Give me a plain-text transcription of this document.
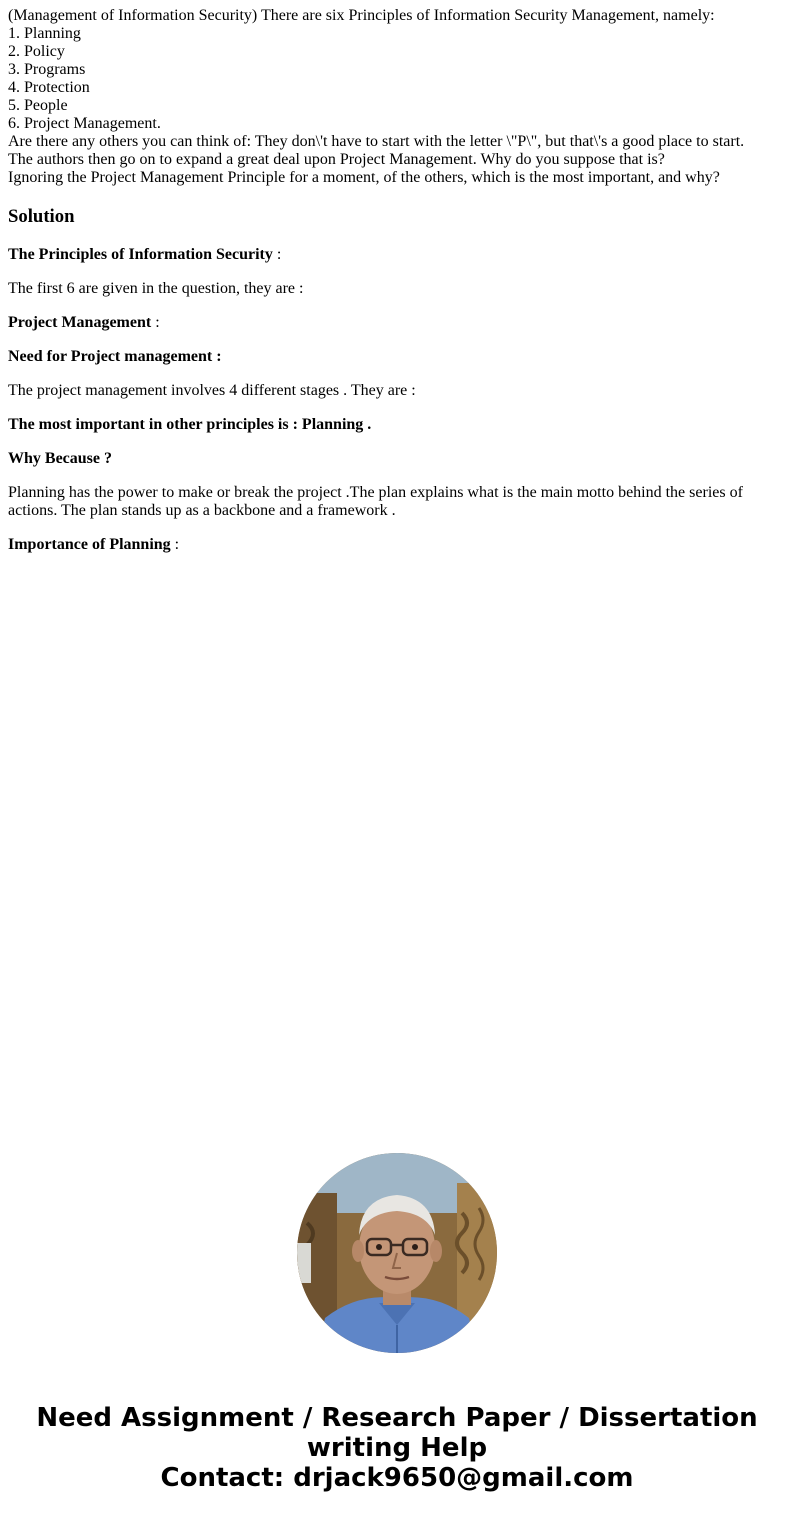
(Management of Information Security) There are six Principles of Information Security Management, namely:
1. Planning
2. Policy
3. Programs
4. Protection
5. People
6. Project Management.
Are there any others you can think of: They don\'t have to start with the letter \"P\", but that\'s a good place to start.
The authors then go on to expand a great deal upon Project Management. Why do you suppose that is?
Ignoring the Project Management Principle for a moment, of the others, which is the most important, and why?
Solution

The Principles of Information Security :

The first 6 are given in the question, they are :

Project Management :

Need for Project management :

The project management involves 4 different stages . They are :

The most important in other principles is : Planning .

Why Because ?

Planning has the power to make or break the project .The plan explains what is the main motto behind the series of actions. The plan stands up as a backbone and a framework .

Importance of Planning :

Need Assignment / Research Paper / Dissertation
writing Help
Contact: drjack9650@gmail.com
